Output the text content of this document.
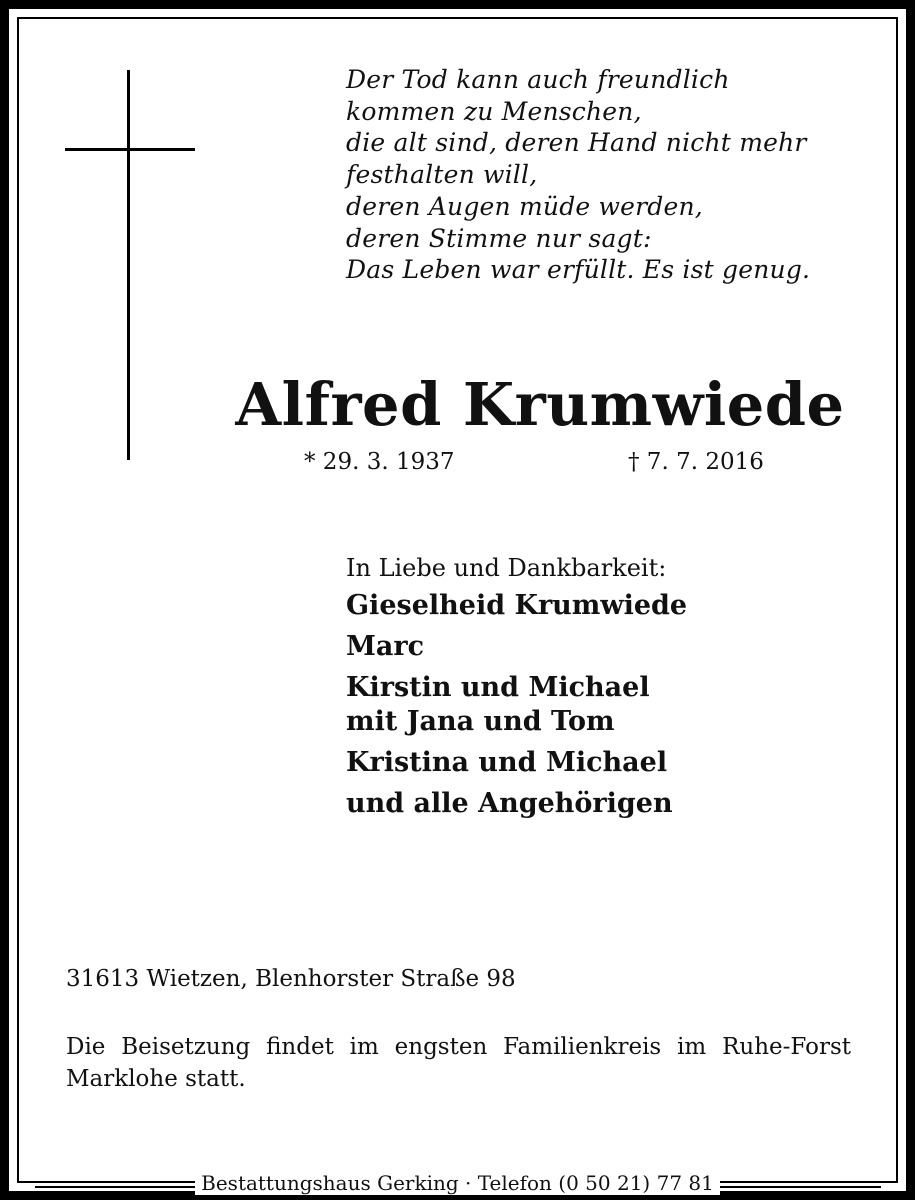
Der Tod kann auch freundlich
kommen zu Menschen,
die alt sind, deren Hand nicht mehr
festhalten will,
deren Augen müde werden,
deren Stimme nur sagt:
Das Leben war erfüllt. Es ist genug.
Alfred Krumwiede
* 29. 3. 1937	† 7. 7. 2016
In Liebe und Dankbarkeit:
Gieselheid Krumwiede
Marc
Kirstin und Michael
mit Jana und Tom
Kristina und Michael
und alle Angehörigen
31613 Wietzen, Blenhorster Straße 98
Die Beisetzung findet im engsten Familienkreis im Ruhe-Forst Marklohe statt.
Bestattungshaus Gerking · Telefon (0 50 21) 77 81
